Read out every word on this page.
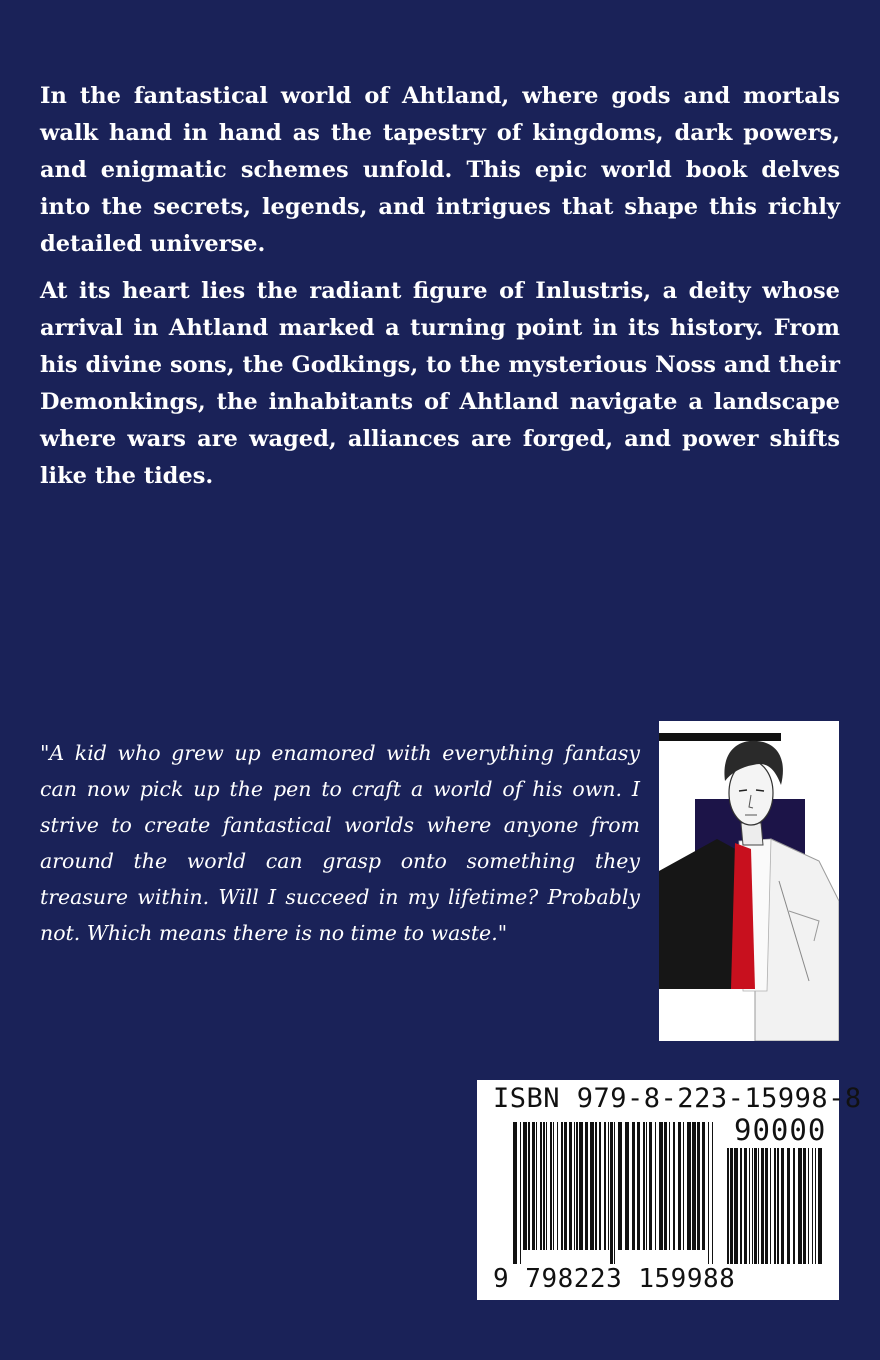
In the fantastical world of Ahtland, where gods and mortals walk hand in hand as the tapestry of kingdoms, dark powers, and enigmatic schemes unfold. This epic world book delves into the secrets, legends, and intrigues that shape this richly detailed universe.

At its heart lies the radiant figure of Inlustris, a deity whose arrival in Ahtland marked a turning point in its history. From his divine sons, the Godkings, to the mysterious Noss and their Demonkings, the inhabitants of Ahtland navigate a landscape where wars are waged, alliances are forged, and power shifts like the tides.

"A kid who grew up enamored with everything fantasy can now pick up the pen to craft a world of his own. I strive to create fantastical worlds where anyone from around the world can grasp onto something they treasure within. Will I succeed in my lifetime? Probably not. Which means there is no time to waste."

ISBN 979-8-223-15998-8
90000
9 798223 159988
